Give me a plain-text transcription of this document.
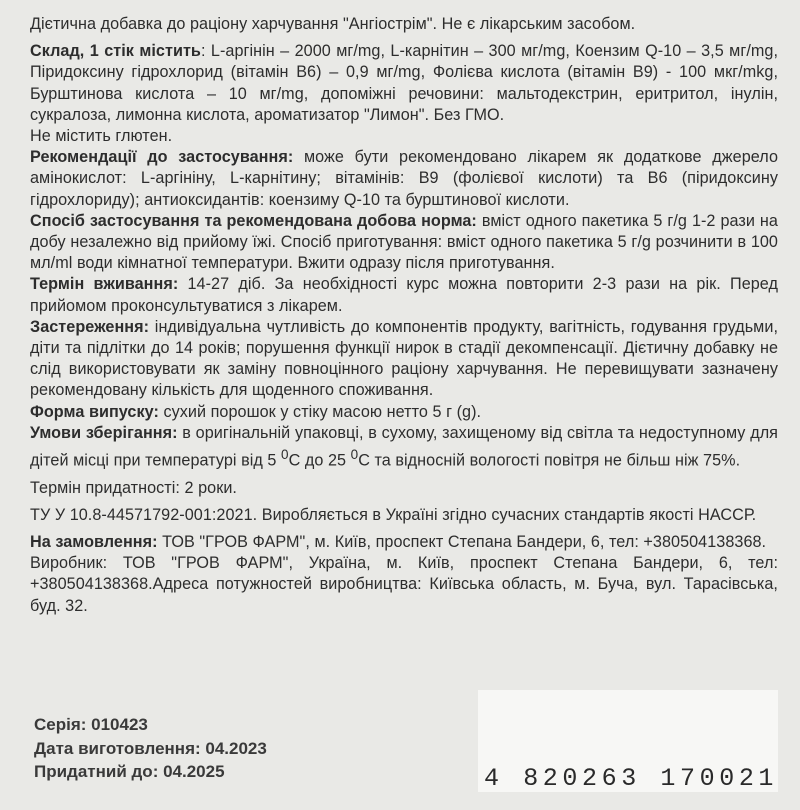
Дієтична добавка до раціону харчування "Ангіострім". Не є лікарським засобом.

Склад, 1 стік містить: L-аргінін – 2000 мг/mg, L-карнітин – 300 мг/mg, Коензим Q-10 – 3,5 мг/mg, Піридоксину гідрохлорид (вітамін В6) – 0,9 мг/mg, Фолієва кислота (вітамін В9) - 100 мкг/mkg, Бурштинова кислота – 10 мг/mg, допоміжні речовини: мальтодекстрин, еритритол, інулін, сукралоза, лимонна кислота, ароматизатор "Лимон". Без ГМО.

Не містить глютен.

Рекомендації до застосування: може бути рекомендовано лікарем як додаткове джерело амінокислот: L-аргініну, L-карнітину; вітамінів: В9 (фолієвої кислоти) та В6 (піридоксину гідрохлориду); антиоксидантів: коензиму Q-10 та бурштинової кислоти.

Спосіб застосування та рекомендована добова норма: вміст одного пакетика 5 г/g 1-2 рази на добу незалежно від прийому їжі. Спосіб приготування: вміст одного пакетика 5 г/g розчинити в 100 мл/ml води кімнатної температури. Вжити одразу після приготування.

Термін вживання: 14-27 діб. За необхідності курс можна повторити 2-3 рази на рік. Перед прийомом проконсультуватися з лікарем.

Застереження: індивідуальна чутливість до компонентів продукту, вагітність, годування грудьми, діти та підлітки до 14 років; порушення функції нирок в стадії декомпенсації. Дієтичну добавку не слід використовувати як заміну повноцінного раціону харчування. Не перевищувати зазначену рекомендовану кількість для щоденного споживання.

Форма випуску: сухий порошок у стіку масою нетто 5 г (g).

Умови зберігання: в оригінальній упаковці, в сухому, захищеному від світла та недоступному для дітей місці при температурі від 5 $^0$С до 25 $^0$С та відносній вологості повітря не більш ніж 75%.

Термін придатності: 2 роки.

ТУ У 10.8-44571792-001:2021. Виробляється в Україні згідно сучасних стандартів якості НАССР.

На замовлення: ТОВ "ГРОВ ФАРМ", м. Київ, проспект Степана Бандери, 6, тел: +380504138368.

Виробник: ТОВ "ГРОВ ФАРМ", Україна, м. Київ, проспект Степана Бандери, 6, тел: +380504138368.Адреса потужностей виробництва: Київська область, м. Буча, вул. Тарасівська, буд. 32.

Серія: 010423
Дата виготовлення: 04.2023
Придатний до: 04.2025	4 820263 170021
